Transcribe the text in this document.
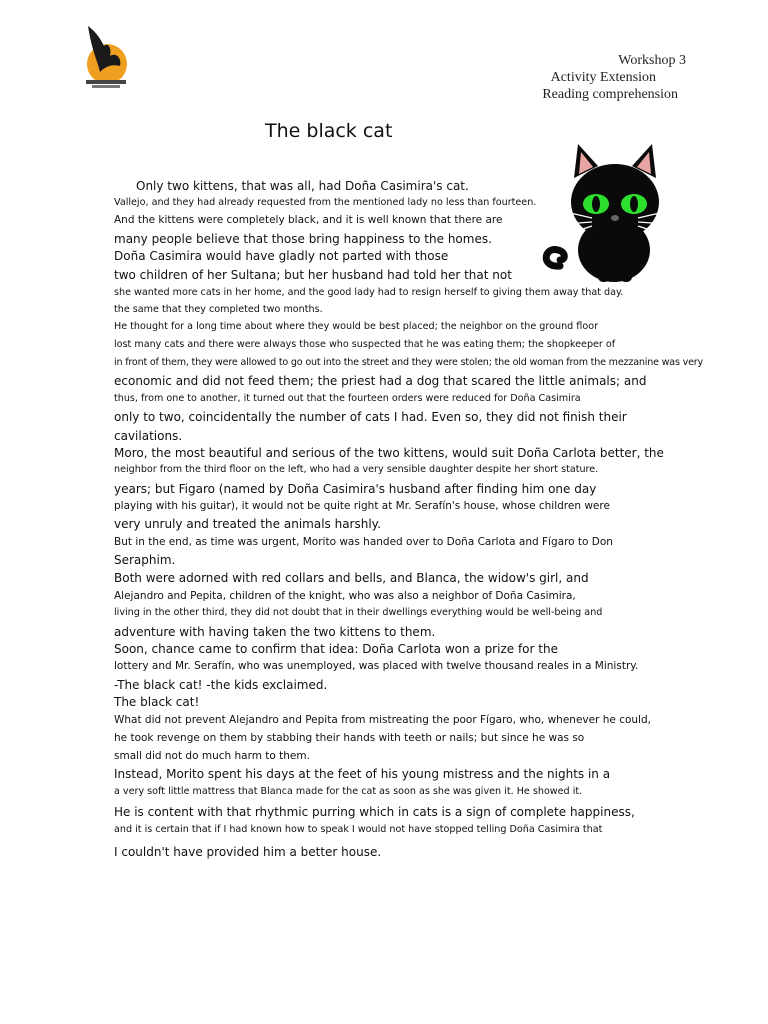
Workshop 3
Activity Extension
Reading comprehension
The black cat
Only two kittens, that was all, had Doña Casimira's cat.
Vallejo, and they had already requested from the mentioned lady no less than fourteen.
And the kittens were completely black, and it is well known that there are
many people believe that those bring happiness to the homes.
Doña Casimira would have gladly not parted with those
two children of her Sultana; but her husband had told her that not
she wanted more cats in her home, and the good lady had to resign herself to giving them away that day.
the same that they completed two months.
He thought for a long time about where they would be best placed; the neighbor on the ground floor
lost many cats and there were always those who suspected that he was eating them; the shopkeeper of
in front of them, they were allowed to go out into the street and they were stolen; the old woman from the mezzanine was very
economic and did not feed them; the priest had a dog that scared the little animals; and
thus, from one to another, it turned out that the fourteen orders were reduced for Doña Casimira
only to two, coincidentally the number of cats I had. Even so, they did not finish their
cavilations.
Moro, the most beautiful and serious of the two kittens, would suit Doña Carlota better, the
neighbor from the third floor on the left, who had a very sensible daughter despite her short stature.
years; but Figaro (named by Doña Casimira's husband after finding him one day
playing with his guitar), it would not be quite right at Mr. Serafín's house, whose children were
very unruly and treated the animals harshly.
But in the end, as time was urgent, Morito was handed over to Doña Carlota and Fígaro to Don
Seraphim.
Both were adorned with red collars and bells, and Blanca, the widow's girl, and
Alejandro and Pepita, children of the knight, who was also a neighbor of Doña Casimira,
living in the other third, they did not doubt that in their dwellings everything would be well-being and
adventure with having taken the two kittens to them.
Soon, chance came to confirm that idea: Doña Carlota won a prize for the
lottery and Mr. Serafín, who was unemployed, was placed with twelve thousand reales in a Ministry.
-The black cat! -the kids exclaimed.
The black cat!
What did not prevent Alejandro and Pepita from mistreating the poor Fígaro, who, whenever he could,
he took revenge on them by stabbing their hands with teeth or nails; but since he was so
small did not do much harm to them.
Instead, Morito spent his days at the feet of his young mistress and the nights in a
a very soft little mattress that Blanca made for the cat as soon as she was given it. He showed it.
He is content with that rhythmic purring which in cats is a sign of complete happiness,
and it is certain that if I had known how to speak I would not have stopped telling Doña Casimira that
I couldn't have provided him a better house.
